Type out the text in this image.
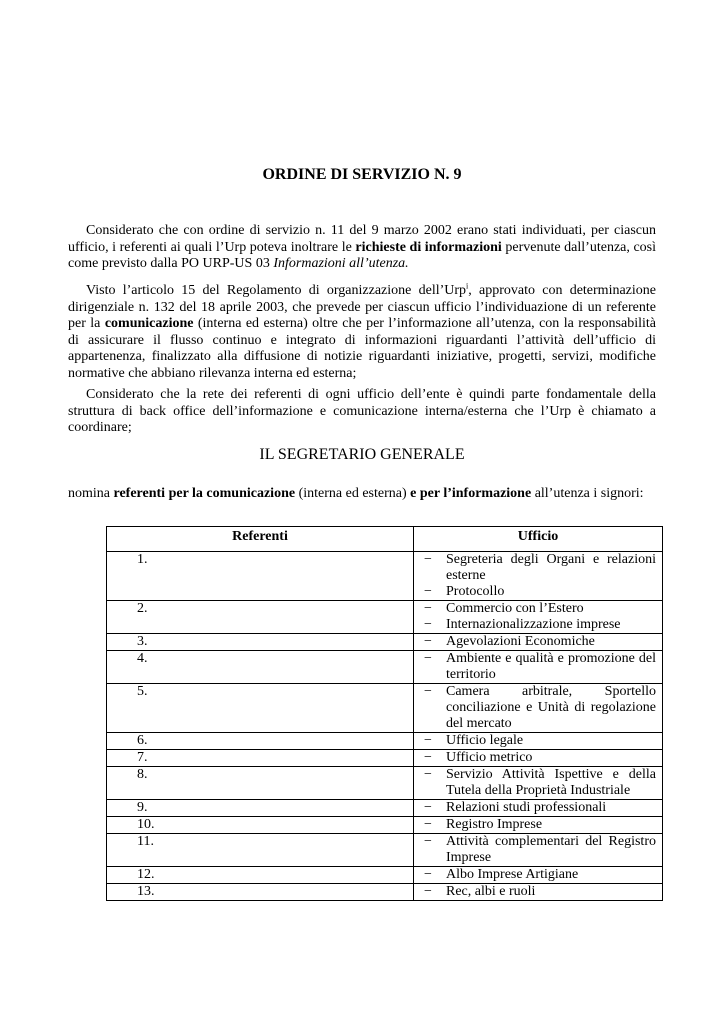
ORDINE DI SERVIZIO N. 9

Considerato che con ordine di servizio n. 11 del 9 marzo 2002 erano stati individuati, per ciascun ufficio, i referenti ai quali l’Urp poteva inoltrare le richieste di informazioni pervenute dall’utenza, così come previsto dalla PO URP-US 03 Informazioni all’utenza.

Visto l’articolo 15 del Regolamento di organizzazione dell’Urp$^i$, approvato con determinazione dirigenziale n. 132 del 18 aprile 2003, che prevede per ciascun ufficio l’individuazione di un referente per la comunicazione (interna ed esterna) oltre che per l’informazione all’utenza, con la responsabilità di assicurare il flusso continuo e integrato di informazioni riguardanti l’attività dell’ufficio di appartenenza, finalizzato alla diffusione di notizie riguardanti iniziative, progetti, servizi, modifiche normative che abbiano rilevanza interna ed esterna;

Considerato che la rete dei referenti di ogni ufficio dell’ente è quindi parte fondamentale della struttura di back office dell’informazione e comunicazione interna/esterna che l’Urp è chiamato a coordinare;

IL SEGRETARIO GENERALE

nomina referenti per la comunicazione (interna ed esterna) e per l’informazione all’utenza i signori:

Referenti	Ufficio
1.	− Segreteria degli Organi e relazioni esterne
− Protocollo

2.	− Commercio con l’Estero
− Internazionalizzazione imprese

3.	− Agevolazioni Economiche

4.	− Ambiente e qualità e promozione del territorio

5.	− Camera arbitrale, Sportello conciliazione e Unità di regolazione del mercato

6.	− Ufficio legale

7.	− Ufficio metrico

8.	− Servizio Attività Ispettive e della Tutela della Proprietà Industriale

9.	− Relazioni studi professionali

10.	− Registro Imprese

11.	− Attività complementari del Registro Imprese

12.	− Albo Imprese Artigiane

13.	− Rec, albi e ruoli
